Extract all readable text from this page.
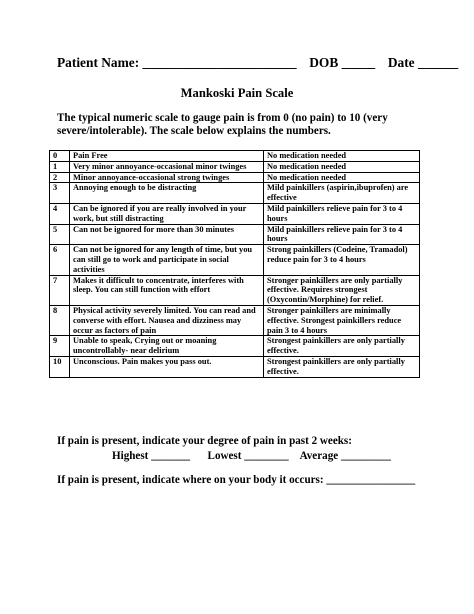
Patient Name: _______________________ DOB _____ Date ______
Mankoski Pain Scale
The typical numeric scale to gauge pain is from 0 (no pain) to 10 (very severe/intolerable). The scale below explains the numbers.
0	Pain Free	No medication needed
1	Very minor annoyance-occasional minor twinges	No medication needed
2	Minor annoyance-occasional strong twinges	No medication needed
3	Annoying enough to be distracting	Mild painkillers (aspirin,ibuprofen) are effective
4	Can be ignored if you are really involved in your work, but still distracting	Mild painkillers relieve pain for 3 to 4 hours
5	Can not be ignored for more than 30 minutes	Mild painkillers relieve pain for 3 to 4 hours
6	Can not be ignored for any length of time, but you can still go to work and participate in social activities	Strong painkillers (Codeine, Tramadol) reduce pain for 3 to 4 hours
7	Makes it difficult to concentrate, interferes with sleep. You can still function with effort	Stronger painkillers are only partially effective. Requires strongest (Oxycontin/Morphine) for relief.
8	Physical activity severely limited. You can read and converse with effort. Nausea and dizziness may occur as factors of pain	Stronger painkillers are minimally effective. Strongest painkillers reduce pain 3 to 4 hours
9	Unable to speak, Crying out or moaning uncontrollably- near delirium	Strongest painkillers are only partially effective.
10	Unconscious. Pain makes you pass out.	Strongest painkillers are only partially effective.
If pain is present, indicate your degree of pain in past 2 weeks:
Highest _______ Lowest ________ Average _________
If pain is present, indicate where on your body it occurs: ________________
